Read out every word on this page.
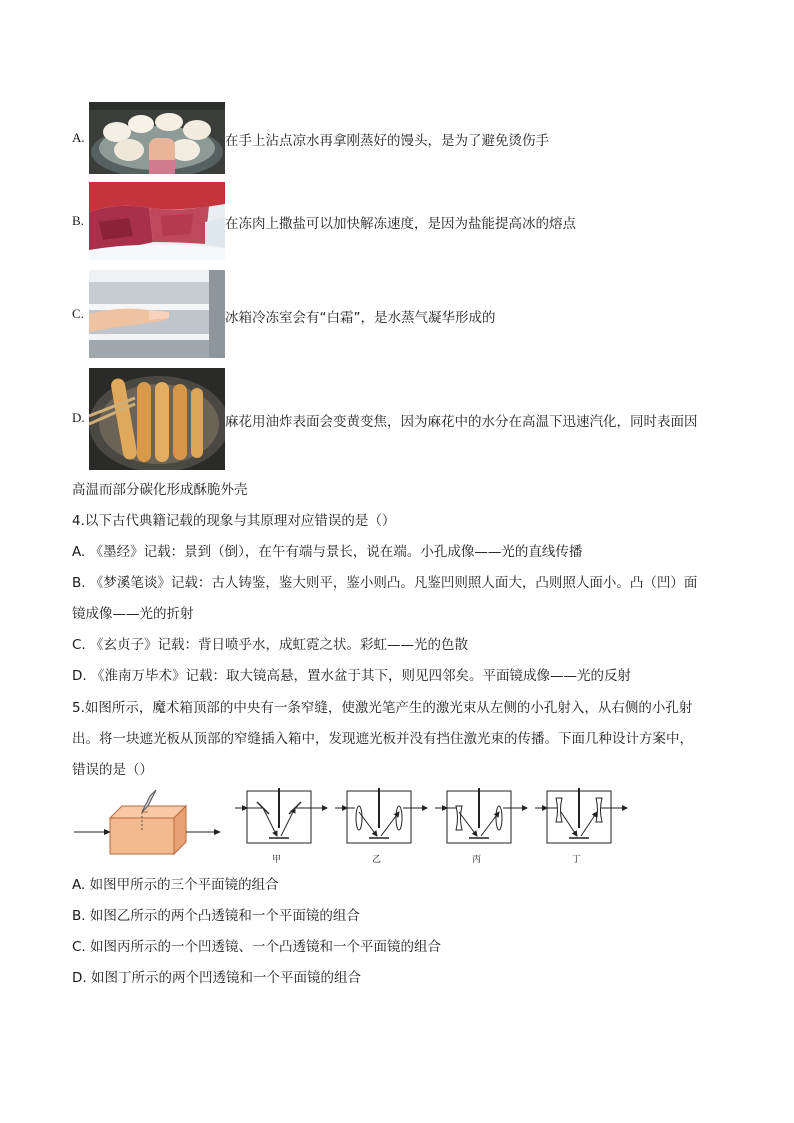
A.	在手上沾点凉水再拿刚蒸好的馒头，是为了避免烫伤手
B.	在冻肉上撒盐可以加快解冻速度，是因为盐能提高冰的熔点
C.	冰箱冷冻室会有“白霜”，是水蒸气凝华形成的
D.	麻花用油炸表面会变黄变焦，因为麻花中的水分在高温下迅速汽化，同时表面因
高温而部分碳化形成酥脆外壳
4.以下古代典籍记载的现象与其原理对应错误的是（）
A. 《墨经》记载：景到（倒），在午有端与景长，说在端。小孔成像——光的直线传播
B. 《梦溪笔谈》记载：古人铸鉴，鉴大则平，鉴小则凸。凡鉴凹则照人面大，凸则照人面小。凸（凹）面
镜成像——光的折射
C. 《玄贞子》记载：背日喷乎水，成虹霓之状。彩虹——光的色散
D. 《淮南万毕术》记载：取大镜高悬，置水盆于其下，则见四邻矣。平面镜成像——光的反射
5.如图所示，魔术箱顶部的中央有一条窄缝，使激光笔产生的激光束从左侧的小孔射入，从右侧的小孔射
出。将一块遮光板从顶部的窄缝插入箱中，发现遮光板并没有挡住激光束的传播。下面几种设计方案中，
错误的是（）
甲	乙	丙	丁
A. 如图甲所示的三个平面镜的组合
B. 如图乙所示的两个凸透镜和一个平面镜的组合
C. 如图丙所示的一个凹透镜、一个凸透镜和一个平面镜的组合
D. 如图丁所示的两个凹透镜和一个平面镜的组合
